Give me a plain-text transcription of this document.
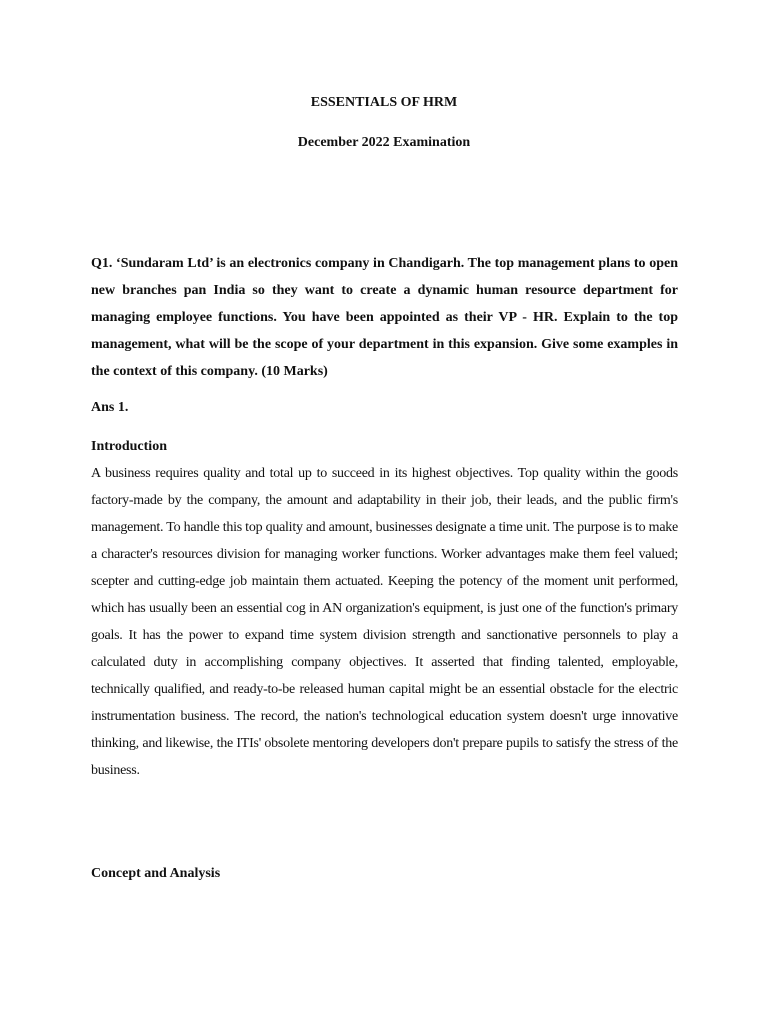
ESSENTIALS OF HRM
December 2022 Examination

Q1. ‘Sundaram Ltd’ is an electronics company in Chandigarh. The top management plans to open new branches pan India so they want to create a dynamic human resource department for managing employee functions. You have been appointed as their VP - HR. Explain to the top management, what will be the scope of your department in this expansion. Give some examples in the context of this company. (10 Marks)

Ans 1.

Introduction

A business requires quality and total up to succeed in its highest objectives. Top quality within the goods factory-made by the company, the amount and adaptability in their job, their leads, and the public firm's management. To handle this top quality and amount, businesses designate a time unit. The purpose is to make a character's resources division for managing worker functions. Worker advantages make them feel valued; scepter and cutting-edge job maintain them actuated. Keeping the potency of the moment unit performed, which has usually been an essential cog in AN organization's equipment, is just one of the function's primary goals. It has the power to expand time system division strength and sanctionative personnels to play a calculated duty in accomplishing company objectives. It asserted that finding talented, employable, technically qualified, and ready-to-be released human capital might be an essential obstacle for the electric instrumentation business. The record, the nation's technological education system doesn't urge innovative thinking, and likewise, the ITIs' obsolete mentoring developers don't prepare pupils to satisfy the stress of the business.

Concept and Analysis
